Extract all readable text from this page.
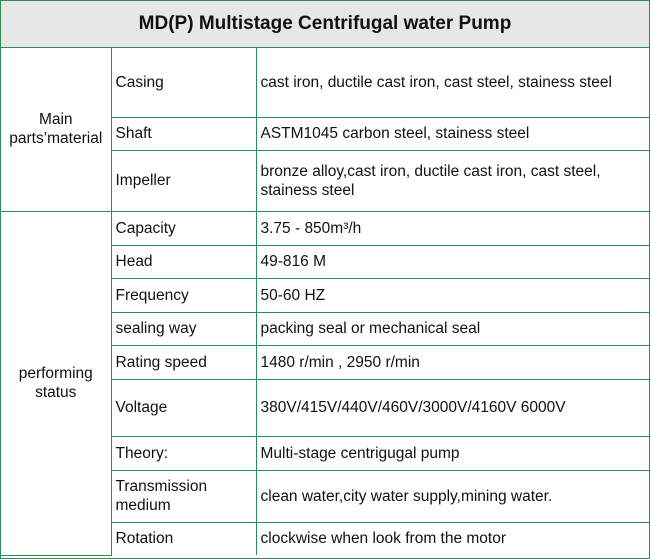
MD(P) Multistage Centrifugal water Pump
Main
parts’material	Casing	cast iron, ductile cast iron, cast steel, stainess steel
	Shaft	ASTM1045 carbon steel, stainess steel
	Impeller	bronze alloy,cast iron, ductile cast iron, cast steel, stainess steel
performing
status	Capacity	3.75 - 850m³/h
	Head	49-816 M
	Frequency	50-60 HZ
	sealing way	packing seal or mechanical seal
	Rating speed	1480 r/min , 2950 r/min
	Voltage	380V/415V/440V/460V/3000V/4160V 6000V
	Theory:	Multi-stage centrigugal pump
	Transmission medium	clean water,city water supply,mining water.
	Rotation	clockwise when look from the motor
